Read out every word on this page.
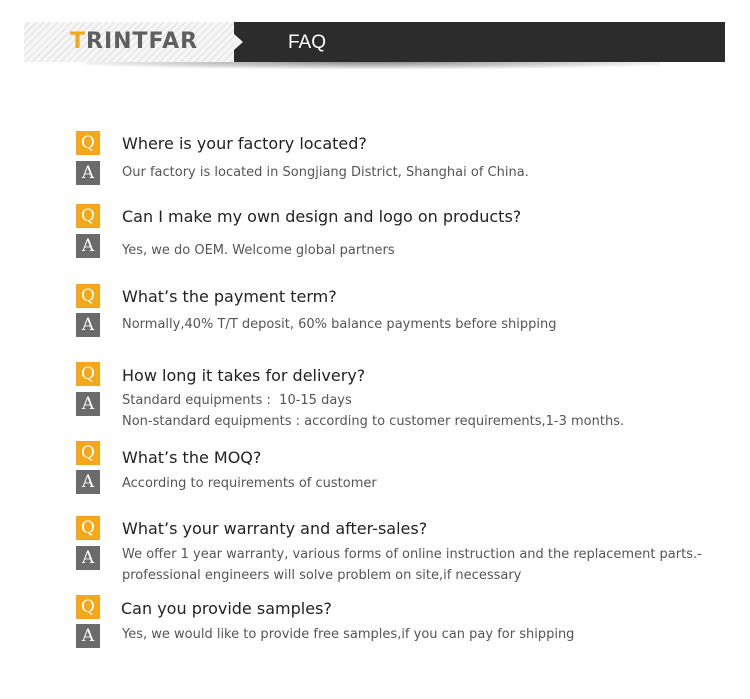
TRINTFAR	FAQ
Q	Where is your factory located?
A	Our factory is located in Songjiang District, Shanghai of China.
Q	Can I make my own design and logo on products?
A	Yes, we do OEM. Welcome global partners
Q	What’s the payment term?
A	Normally,40% T/T deposit, 60% balance payments before shipping
Q	How long it takes for delivery?
A	Standard equipments :  10-15 days
Non-standard equipments : according to customer requirements,1-3 months.
Q	What’s the MOQ?
A	According to requirements of customer
Q	What’s your warranty and after-sales?
A	We offer 1 year warranty, various forms of online instruction and the replacement parts.-
professional engineers will solve problem on site,if necessary
Q	Can you provide samples?
A	Yes, we would like to provide free samples,if you can pay for shipping
